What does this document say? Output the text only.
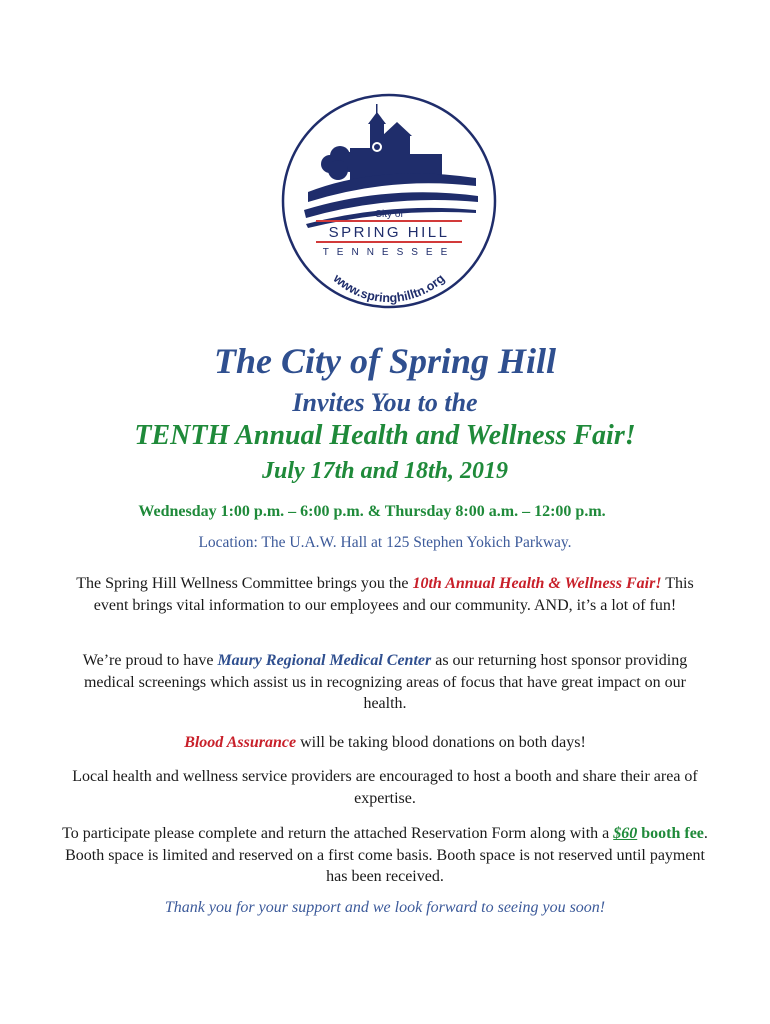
City of
SPRING HILL
TENNESSEE
www.springhilltn.org
The City of Spring Hill
Invites You to the
TENTH Annual Health and Wellness Fair!
July 17th and 18th, 2019
Wednesday 1:00 p.m. – 6:00 p.m. & Thursday 8:00 a.m. – 12:00 p.m.
Location: The U.A.W. Hall at 125 Stephen Yokich Parkway.
The Spring Hill Wellness Committee brings you the 10th Annual Health & Wellness Fair! This event brings vital information to our employees and our community. AND, it’s a lot of fun!
We’re proud to have Maury Regional Medical Center as our returning host sponsor providing medical screenings which assist us in recognizing areas of focus that have great impact on our health.
Blood Assurance will be taking blood donations on both days!
Local health and wellness service providers are encouraged to host a booth and share their area of expertise.
To participate please complete and return the attached Reservation Form along with a $60 booth fee. Booth space is limited and reserved on a first come basis. Booth space is not reserved until payment has been received.
Thank you for your support and we look forward to seeing you soon!
